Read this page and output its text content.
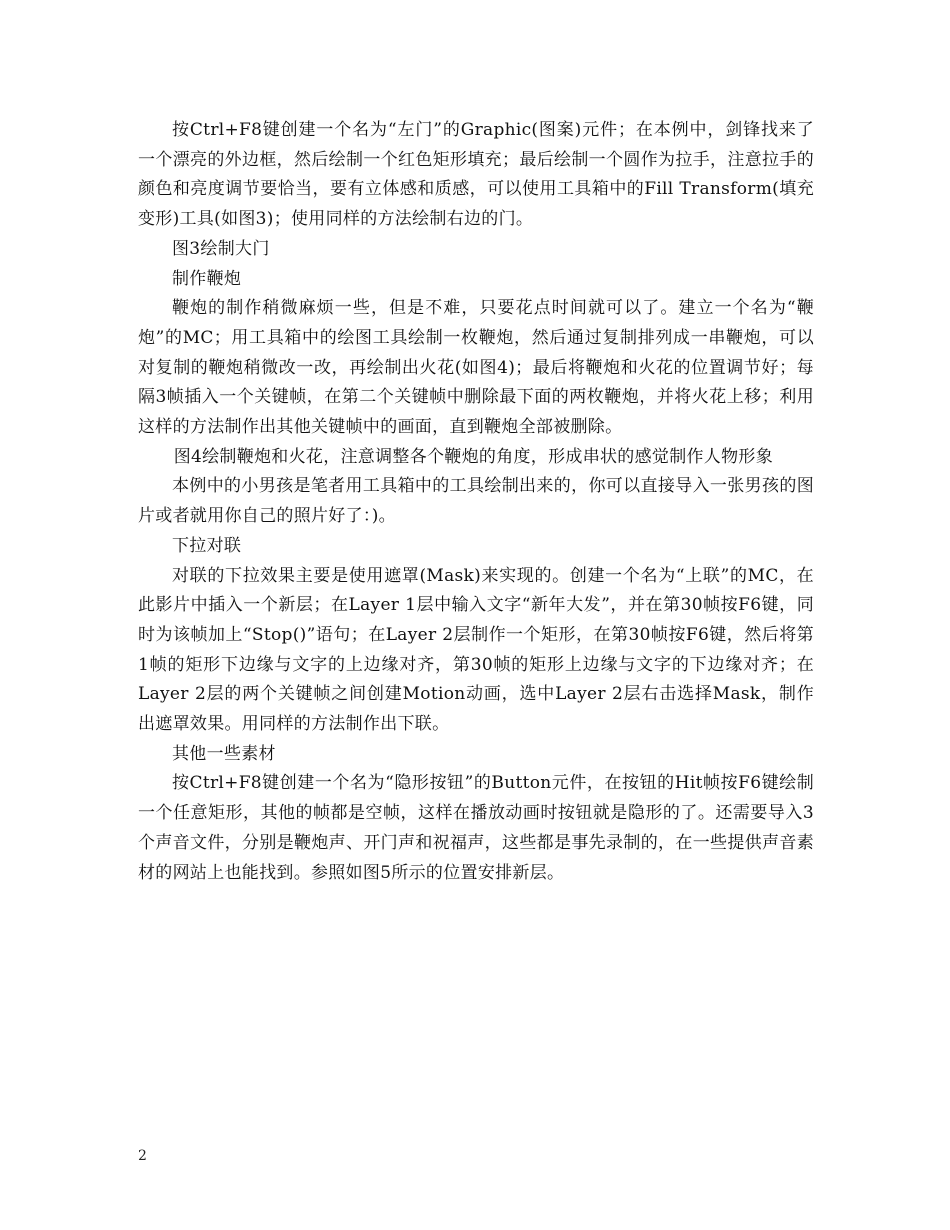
按Ctrl+F8键创建一个名为“左门”的Graphic(图案)元件；在本例中，剑锋找来了一个漂亮的外边框，然后绘制一个红色矩形填充；最后绘制一个圆作为拉手，注意拉手的颜色和亮度调节要恰当，要有立体感和质感，可以使用工具箱中的Fill Transform(填充变形)工具(如图3)；使用同样的方法绘制右边的门。

图3绘制大门

制作鞭炮

鞭炮的制作稍微麻烦一些，但是不难，只要花点时间就可以了。建立一个名为“鞭炮”的MC；用工具箱中的绘图工具绘制一枚鞭炮，然后通过复制排列成一串鞭炮，可以对复制的鞭炮稍微改一改，再绘制出火花(如图4)；最后将鞭炮和火花的位置调节好；每隔3帧插入一个关键帧，在第二个关键帧中删除最下面的两枚鞭炮，并将火花上移；利用这样的方法制作出其他关键帧中的画面，直到鞭炮全部被删除。

图4绘制鞭炮和火花，注意调整各个鞭炮的角度，形成串状的感觉制作人物形象

本例中的小男孩是笔者用工具箱中的工具绘制出来的，你可以直接导入一张男孩的图片或者就用你自己的照片好了：)。

下拉对联

对联的下拉效果主要是使用遮罩(Mask)来实现的。创建一个名为“上联”的MC，在此影片中插入一个新层；在Layer 1层中输入文字“新年大发”，并在第30帧按F6键，同时为该帧加上“Stop()”语句；在Layer 2层制作一个矩形，在第30帧按F6键，然后将第1帧的矩形下边缘与文字的上边缘对齐，第30帧的矩形上边缘与文字的下边缘对齐；在Layer 2层的两个关键帧之间创建Motion动画，选中Layer 2层右击选择Mask，制作出遮罩效果。用同样的方法制作出下联。

其他一些素材

按Ctrl+F8键创建一个名为“隐形按钮”的Button元件，在按钮的Hit帧按F6键绘制一个任意矩形，其他的帧都是空帧，这样在播放动画时按钮就是隐形的了。还需要导入3个声音文件，分别是鞭炮声、开门声和祝福声，这些都是事先录制的，在一些提供声音素材的网站上也能找到。参照如图5所示的位置安排新层。

2
